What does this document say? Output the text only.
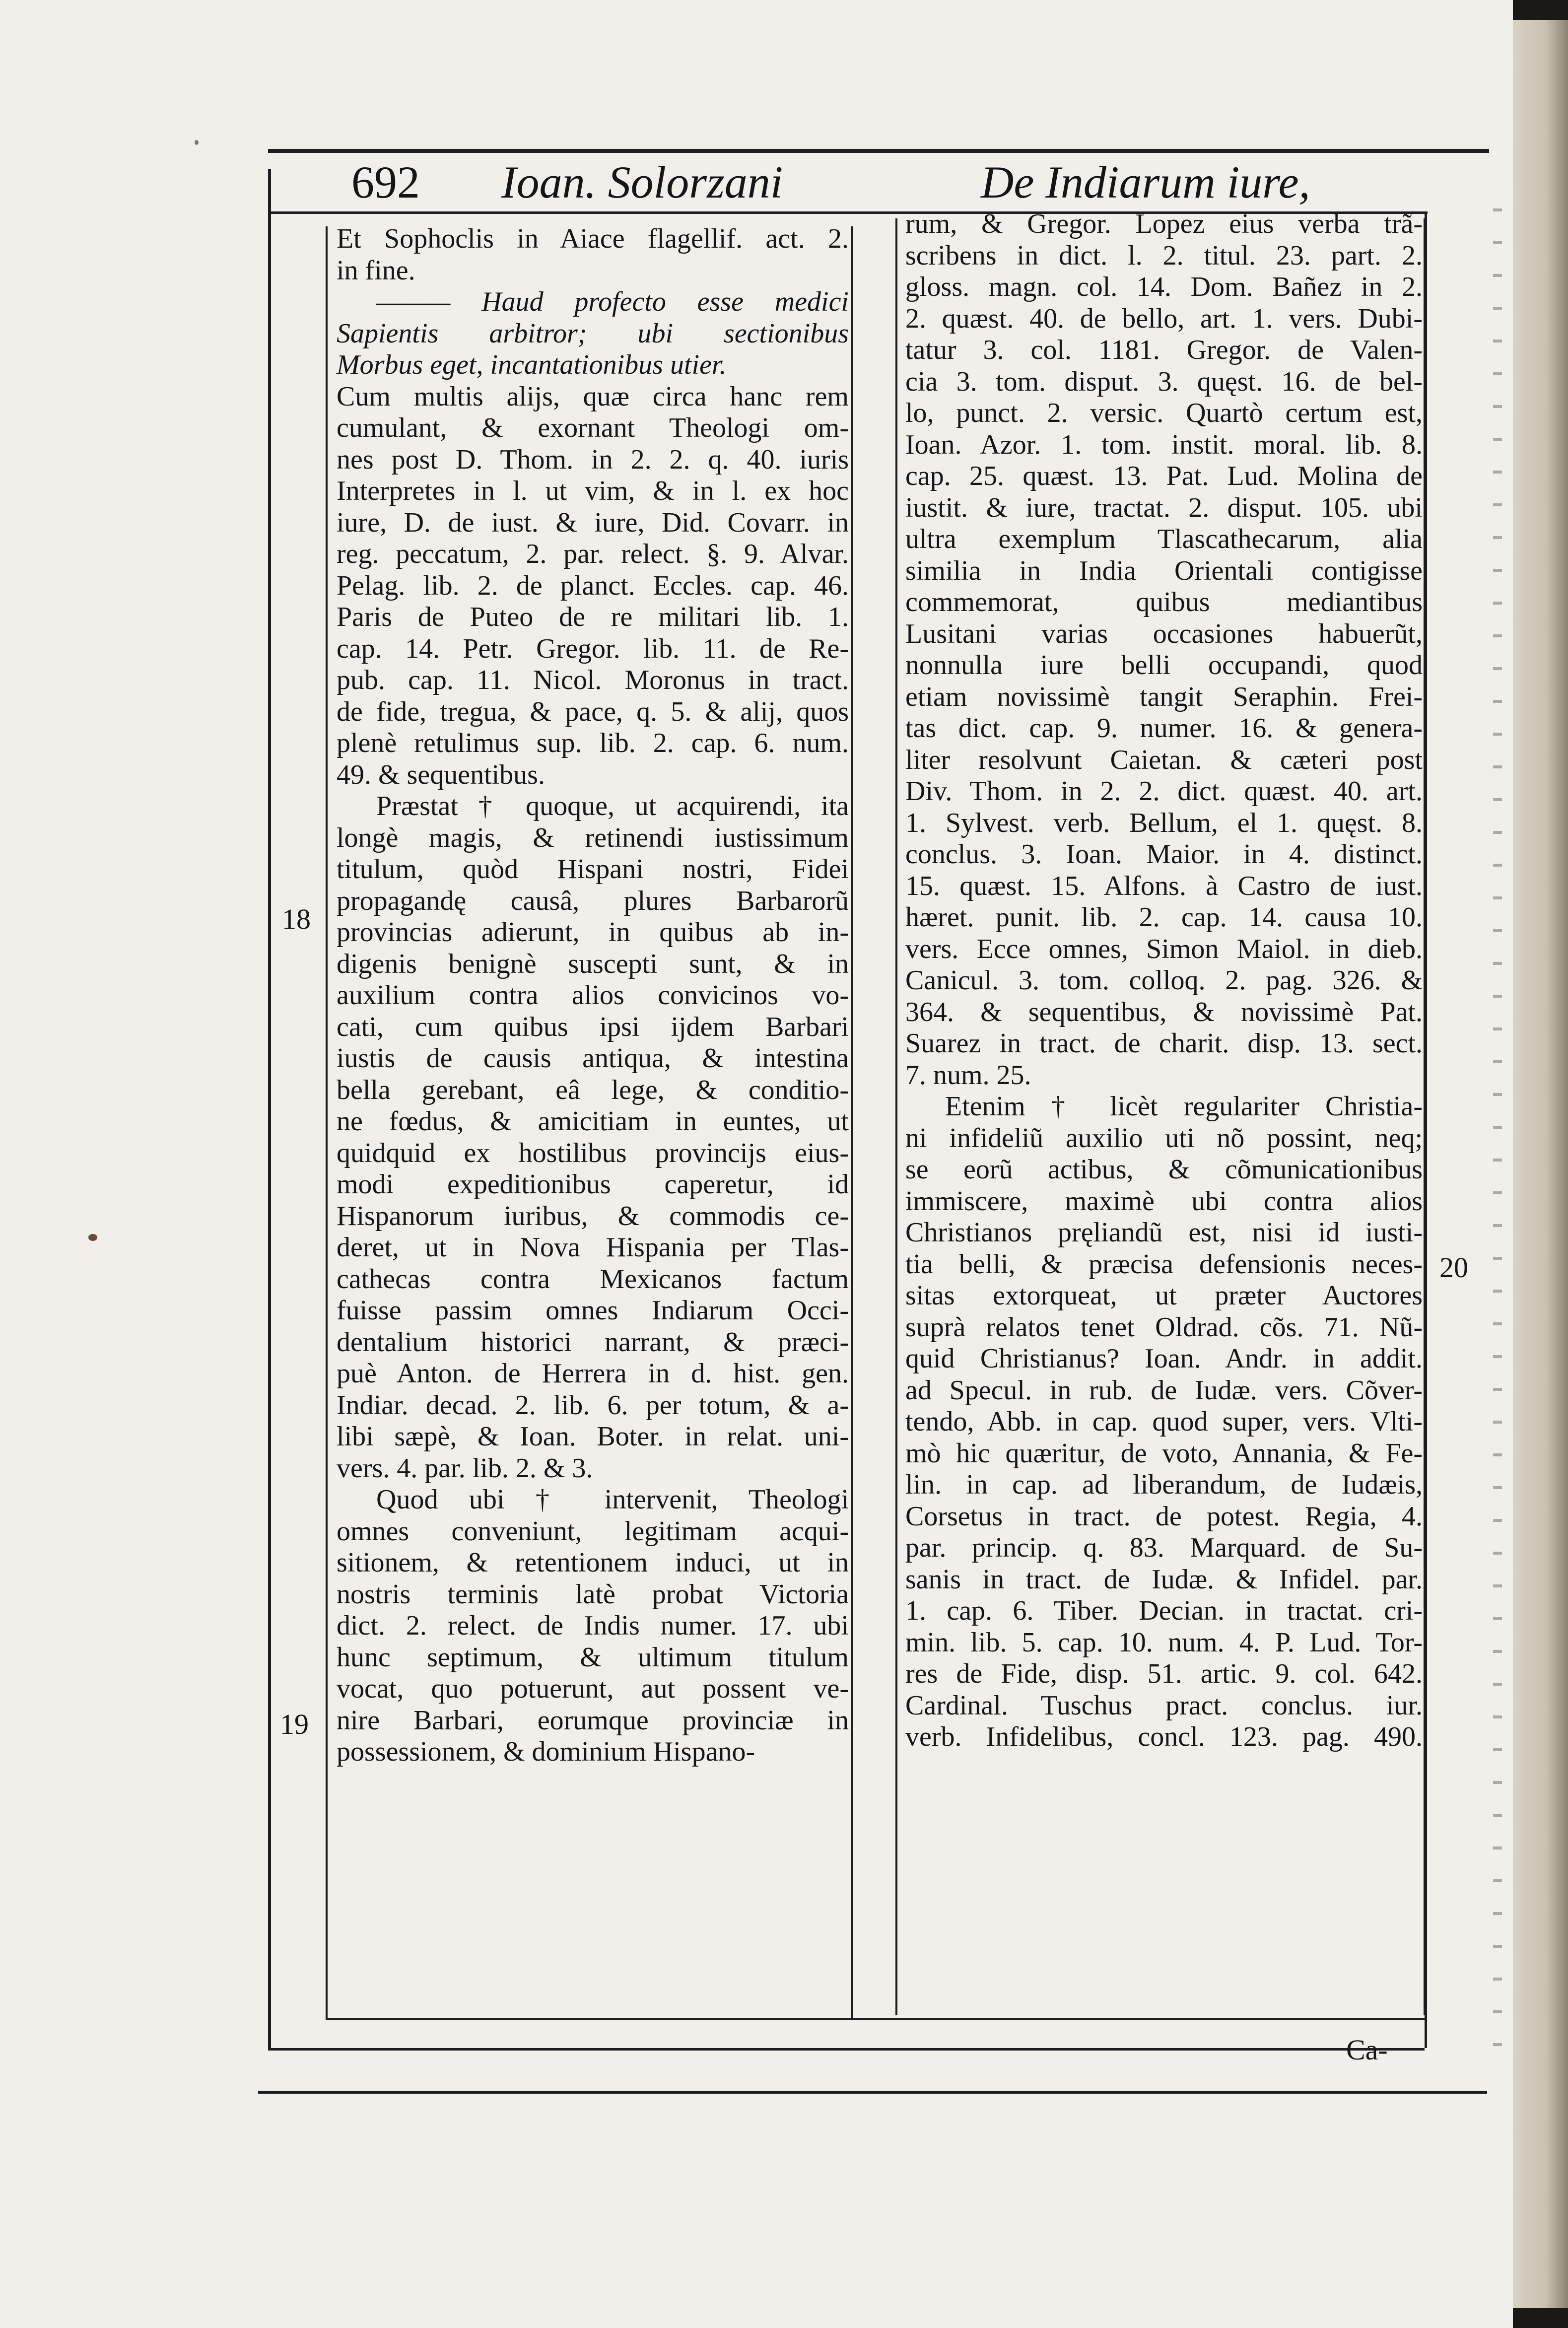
692 Ioan. Solorzani	De Indiarum iure,
Et Sophoclis in Aiace flagellif. act. 2.
in fine.
——— Haud profecto esse medici
Sapientis arbitror; ubi sectionibus
Morbus eget, incantationibus utier.
Cum multis alijs, quæ circa hanc rem
cumulant, & exornant Theologi om-
nes post D. Thom. in 2. 2. q. 40. iuris
Interpretes in l. ut vim, & in l. ex hoc
iure, D. de iust. & iure, Did. Covarr. in
reg. peccatum, 2. par. relect. §. 9. Alvar.
Pelag. lib. 2. de planct. Eccles. cap. 46.
Paris de Puteo de re militari lib. 1.
cap. 14. Petr. Gregor. lib. 11. de Re-
pub. cap. 11. Nicol. Moronus in tract.
de fide, tregua, & pace, q. 5. & alij, quos
plenè retulimus sup. lib. 2. cap. 6. num.
49. & sequentibus.
Præstat † quoque, ut acquirendi, ita
longè magis, & retinendi iustissimum
titulum, quòd Hispani nostri, Fidei
propagandę causâ, plures Barbarorũ
provincias adierunt, in quibus ab in-
digenis benignè suscepti sunt, & in
auxilium contra alios convicinos vo-
cati, cum quibus ipsi ijdem Barbari
iustis de causis antiqua, & intestina
bella gerebant, eâ lege, & conditio-
ne fœdus, & amicitiam in euntes, ut
quidquid ex hostilibus provincijs eius-
modi expeditionibus caperetur, id
Hispanorum iuribus, & commodis ce-
deret, ut in Nova Hispania per Tlas-
cathecas contra Mexicanos factum
fuisse passim omnes Indiarum Occi-
dentalium historici narrant, & præci-
puè Anton. de Herrera in d. hist. gen.
Indiar. decad. 2. lib. 6. per totum, & a-
libi sæpè, & Ioan. Boter. in relat. uni-
vers. 4. par. lib. 2. & 3.
Quod ubi † intervenit, Theologi
omnes conveniunt, legitimam acqui-
sitionem, & retentionem induci, ut in
nostris terminis latè probat Victoria
dict. 2. relect. de Indis numer. 17. ubi
hunc septimum, & ultimum titulum
vocat, quo potuerunt, aut possent ve-
nire Barbari, eorumque provinciæ in
possessionem, & dominium Hispano-
rum, & Gregor. Lopez eius verba trã-
scribens in dict. l. 2. titul. 23. part. 2.
gloss. magn. col. 14. Dom. Bañez in 2.
2. quæst. 40. de bello, art. 1. vers. Dubi-
tatur 3. col. 1181. Gregor. de Valen-
cia 3. tom. disput. 3. quęst. 16. de bel-
lo, punct. 2. versic. Quartò certum est,
Ioan. Azor. 1. tom. instit. moral. lib. 8.
cap. 25. quæst. 13. Pat. Lud. Molina de
iustit. & iure, tractat. 2. disput. 105. ubi
ultra exemplum Tlascathecarum, alia
similia in India Orientali contigisse
commemorat, quibus mediantibus
Lusitani varias occasiones habuerũt,
nonnulla iure belli occupandi, quod
etiam novissimè tangit Seraphin. Frei-
tas dict. cap. 9. numer. 16. & genera-
liter resolvunt Caietan. & cæteri post
Div. Thom. in 2. 2. dict. quæst. 40. art.
1. Sylvest. verb. Bellum, el 1. quęst. 8.
conclus. 3. Ioan. Maior. in 4. distinct.
15. quæst. 15. Alfons. à Castro de iust.
hæret. punit. lib. 2. cap. 14. causa 10.
vers. Ecce omnes, Simon Maiol. in dieb.
Canicul. 3. tom. colloq. 2. pag. 326. &
364. & sequentibus, & novissimè Pat.
Suarez in tract. de charit. disp. 13. sect.
7. num. 25.
Etenim † licèt regulariter Christia-
ni infideliũ auxilio uti nõ possint, neq;
se eorũ actibus, & cõmunicationibus
immiscere, maximè ubi contra alios
Christianos pręliandũ est, nisi id iusti-
tia belli, & præcisa defensionis neces-
sitas extorqueat, ut præter Auctores
suprà relatos tenet Oldrad. cõs. 71. Nũ-
quid Christianus? Ioan. Andr. in addit.
ad Specul. in rub. de Iudæ. vers. Cõver-
tendo, Abb. in cap. quod super, vers. Vlti-
mò hic quæritur, de voto, Annania, & Fe-
lin. in cap. ad liberandum, de Iudæis,
Corsetus in tract. de potest. Regia, 4.
par. princip. q. 83. Marquard. de Su-
sanis in tract. de Iudæ. & Infidel. par.
1. cap. 6. Tiber. Decian. in tractat. cri-
min. lib. 5. cap. 10. num. 4. P. Lud. Tor-
res de Fide, disp. 51. artic. 9. col. 642.
Cardinal. Tuschus pract. conclus. iur.
verb. Infidelibus, concl. 123. pag. 490.
18
19
20
Ca-
